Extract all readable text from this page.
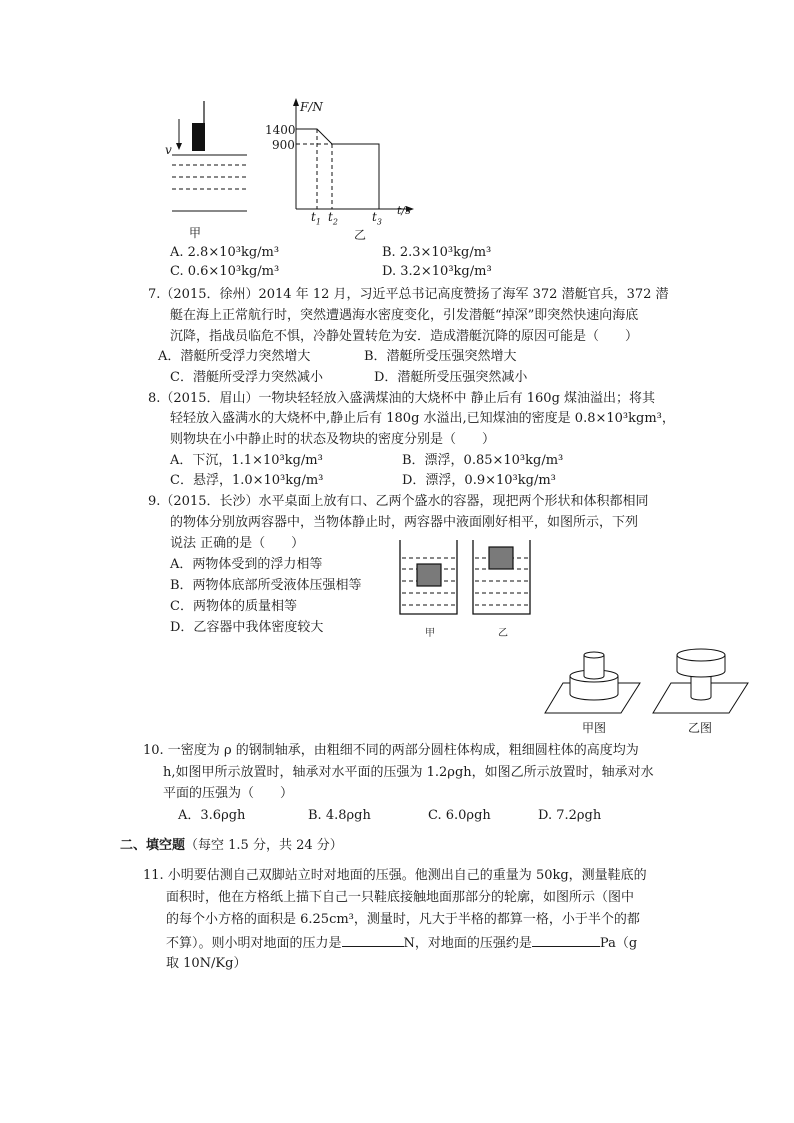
v
甲
F/N
1400
900
$t_1$ $t_2$	$t_3$
t/s
乙
A. 2.8×10³kg/m³	B. 2.3×10³kg/m³
C. 0.6×10³kg/m³	D. 3.2×10³kg/m³
7.（2015．徐州）2014 年 12 月，习近平总书记高度赞扬了海军 372 潜艇官兵，372 潜
艇在海上正常航行时，突然遭遇海水密度变化，引发潜艇“掉深”即突然快速向海底
沉降，指战员临危不惧，冷静处置转危为安．造成潜艇沉降的原因可能是（　　）
A．潜艇所受浮力突然增大	B．潜艇所受压强突然增大
C．潜艇所受浮力突然减小	D．潜艇所受压强突然减小
8.（2015．眉山）一物块轻轻放入盛满煤油的大烧杯中 静止后有 160g 煤油溢出；将其
轻轻放入盛满水的大烧杯中,静止后有 180g 水溢出,已知煤油的密度是 0.8×10³kgm³，
则物块在小中静止时的状态及物块的密度分别是（　　）
A．下沉，1.1×10³kg/m³	B．漂浮，0.85×10³kg/m³
C．悬浮，1.0×10³kg/m³	D．漂浮，0.9×10³kg/m³
9.（2015．长沙）水平桌面上放有口、乙两个盛水的容器，现把两个形状和体积都相同
的物体分别放两容器中，当物体静止时，两容器中液面刚好相平，如图所示，下列
说法 正确的是（　　）
A．两物体受到的浮力相等
B．两物体底部所受液体压强相等
C．两物体的质量相等
D．乙容器中我体密度较大	甲	乙
甲图	乙图
10. 一密度为 ρ 的钢制轴承，由粗细不同的两部分圆柱体构成，粗细圆柱体的高度均为
h,如图甲所示放置时，轴承对水平面的压强为 1.2ρgh，如图乙所示放置时，轴承对水
平面的压强为（　　）
A．3.6ρgh	B. 4.8ρgh	C. 6.0ρgh	D. 7.2ρgh
二、填空题（每空 1.5 分，共 24 分）
11. 小明要估测自己双脚站立时对地面的压强。他测出自己的重量为 50kg，测量鞋底的
面积时，他在方格纸上描下自己一只鞋底接触地面那部分的轮廓，如图所示（图中
的每个小方格的面积是 6.25cm³，测量时，凡大于半格的都算一格，小于半个的都
不算）。则小明对地面的压力是	N，对地面的压强约是	Pa（g
取 10N/Kg）
